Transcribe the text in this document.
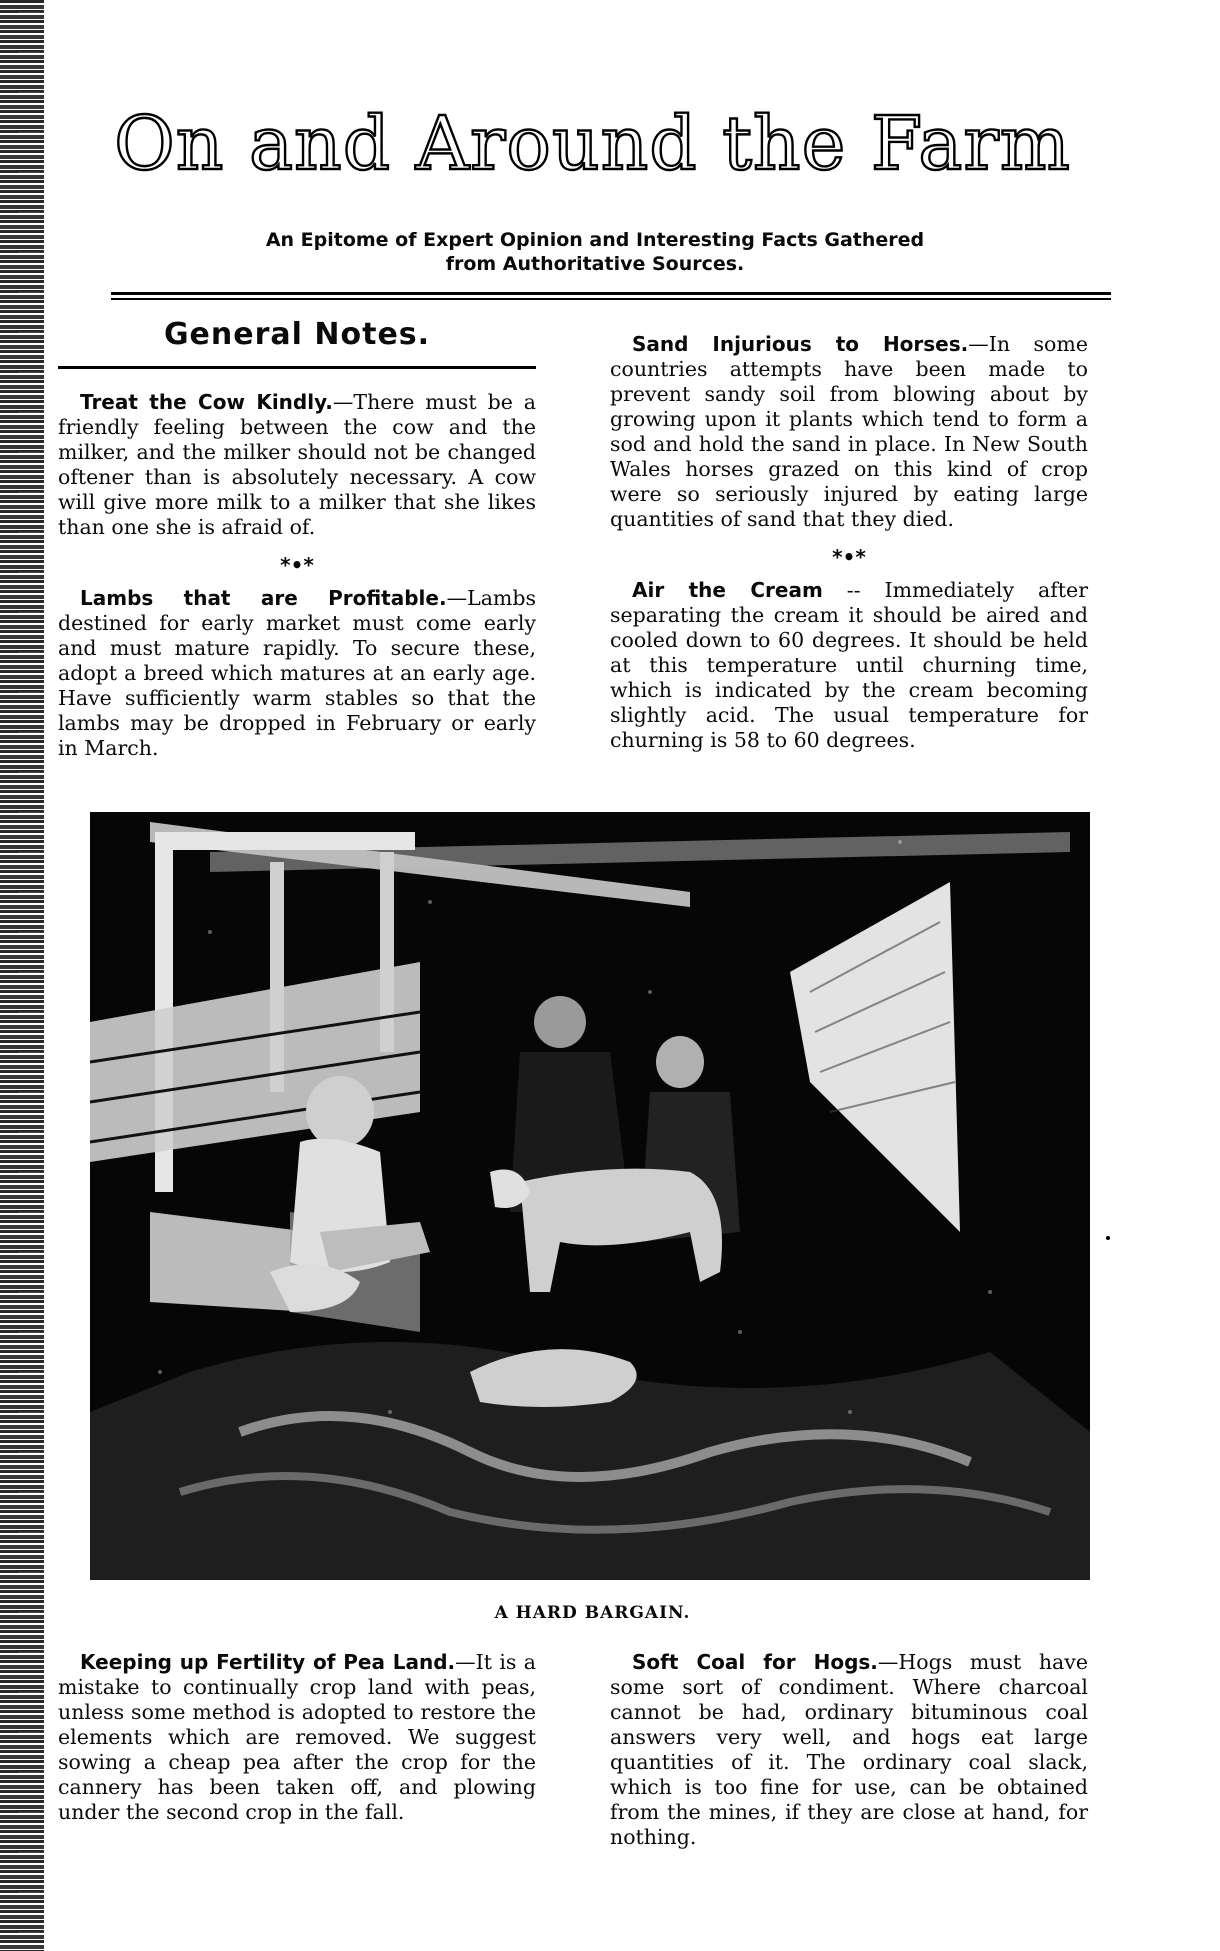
On and Around the Farm
An Epitome of Expert Opinion and Interesting Facts Gathered
from Authoritative Sources.
General Notes.

Treat the Cow Kindly.—There must be a friendly feeling between the cow and the milker, and the milker should not be changed oftener than is absolutely necessary. A cow will give more milk to a milker that she likes than one she is afraid of.

*•*

Lambs that are Profitable.—Lambs destined for early market must come early and must mature rapidly. To secure these, adopt a breed which matures at an early age. Have sufficiently warm stables so that the lambs may be dropped in February or early in March.

Sand Injurious to Horses.—In some countries attempts have been made to prevent sandy soil from blowing about by growing upon it plants which tend to form a sod and hold the sand in place. In New South Wales horses grazed on this kind of crop were so seriously injured by eating large quantities of sand that they died.

*•*

Air the Cream -- Immediately after separating the cream it should be aired and cooled down to 60 degrees. It should be held at this temperature until churning time, which is indicated by the cream becoming slightly acid. The usual temperature for churning is 58 to 60 degrees.

A HARD BARGAIN.

Keeping up Fertility of Pea Land.—It is a mistake to continually crop land with peas, unless some method is adopted to restore the elements which are removed. We suggest sowing a cheap pea after the crop for the cannery has been taken off, and plowing under the second crop in the fall.

Soft Coal for Hogs.—Hogs must have some sort of condiment. Where charcoal cannot be had, ordinary bituminous coal answers very well, and hogs eat large quantities of it. The ordinary coal slack, which is too fine for use, can be obtained from the mines, if they are close at hand, for nothing.
